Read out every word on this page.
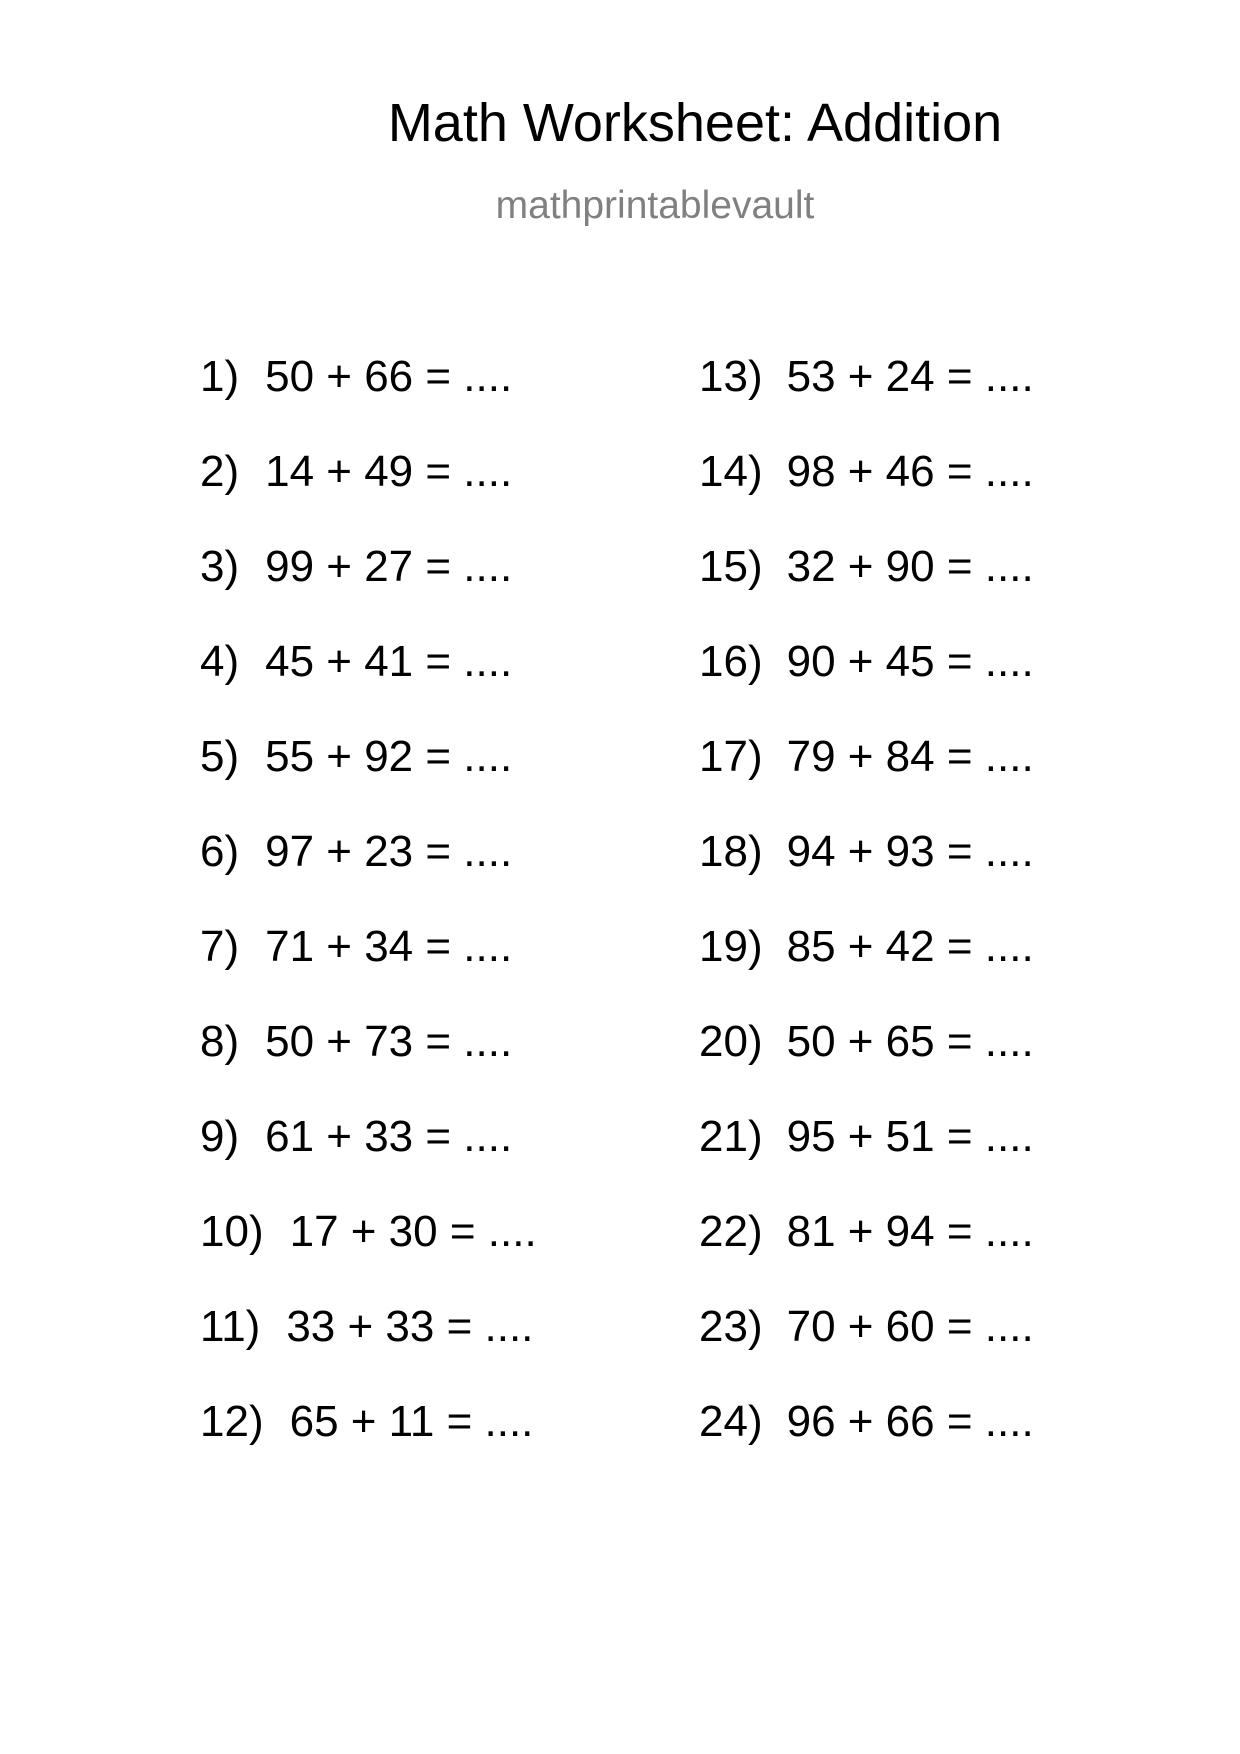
Math Worksheet: Addition
mathprintablevault
1) 50 + 66 = ....
2) 14 + 49 = ....
3) 99 + 27 = ....
4) 45 + 41 = ....
5) 55 + 92 = ....
6) 97 + 23 = ....
7) 71 + 34 = ....
8) 50 + 73 = ....
9) 61 + 33 = ....
10) 17 + 30 = ....
11) 33 + 33 = ....
12) 65 + 11 = ....
13) 53 + 24 = ....
14) 98 + 46 = ....
15) 32 + 90 = ....
16) 90 + 45 = ....
17) 79 + 84 = ....
18) 94 + 93 = ....
19) 85 + 42 = ....
20) 50 + 65 = ....
21) 95 + 51 = ....
22) 81 + 94 = ....
23) 70 + 60 = ....
24) 96 + 66 = ....
